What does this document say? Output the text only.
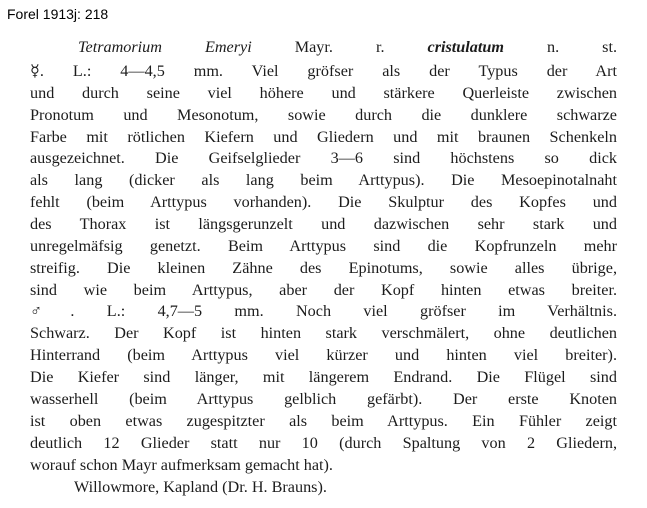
Forel 1913j: 218
Tetramorium Emeryi Mayr. r. cristulatum n. st.
☿. L.: 4—4,5 mm. Viel gröfser als der Typus der Art
und durch seine viel höhere und stärkere Querleiste zwischen
Pronotum und Mesonotum, sowie durch die dunklere schwarze
Farbe mit rötlichen Kiefern und Gliedern und mit braunen Schenkeln
ausgezeichnet. Die Geifselglieder 3—6 sind höchstens so dick
als lang (dicker als lang beim Arttypus). Die Mesoepinotalnaht
fehlt (beim Arttypus vorhanden). Die Skulptur des Kopfes und
des Thorax ist längsgerunzelt und dazwischen sehr stark und
unregelmäfsig genetzt. Beim Arttypus sind die Kopfrunzeln mehr
streifig. Die kleinen Zähne des Epinotums, sowie alles übrige,
sind wie beim Arttypus, aber der Kopf hinten etwas breiter.
♂. L.: 4,7—5 mm. Noch viel gröfser im Verhältnis.
Schwarz. Der Kopf ist hinten stark verschmälert, ohne deutlichen
Hinterrand (beim Arttypus viel kürzer und hinten viel breiter).
Die Kiefer sind länger, mit längerem Endrand. Die Flügel sind
wasserhell (beim Arttypus gelblich gefärbt). Der erste Knoten
ist oben etwas zugespitzter als beim Arttypus. Ein Fühler zeigt
deutlich 12 Glieder statt nur 10 (durch Spaltung von 2 Gliedern,
worauf schon Mayr aufmerksam gemacht hat).
Willowmore, Kapland (Dr. H. Brauns).
